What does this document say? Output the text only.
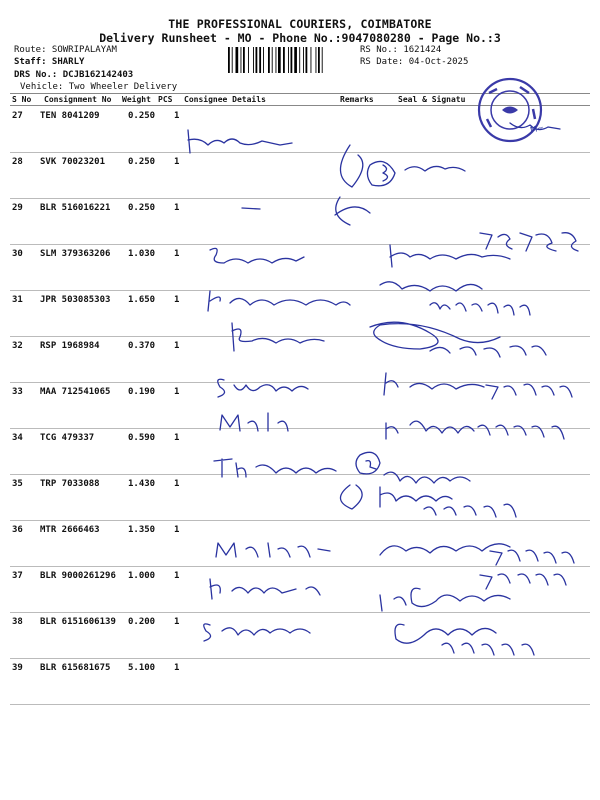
THE PROFESSIONAL COURIERS, COIMBATORE
Delivery Runsheet - MO - Phone No.:9047080280 - Page No.:3
Route: SOWRIPALAYAM
Staff: SHARLY
DRS No.: DCJB162142403
Vehicle: Two Wheeler Delivery
RS No.: 1621424
RS Date: 04-Oct-2025
S No Consignment No Weight PCS Consignee Details	Remarks	Seal & Signatu
27 TEN 8041209	0.250 1
28 SVK 70023201	0.250 1
29 BLR 516016221 0.250 1
30 SLM 379363206 1.030 1
31 JPR 503085303 1.650 1
32 RSP 1968984	0.370 1
33 MAA 712541065 0.190 1
34 TCG 479337	0.590 1
35 TRP 7033088	1.430 1
36 MTR 2666463	1.350 1
37 BLR 9000261296 1.000 1
38 BLR 6151606139 0.200 1
39 BLR 615681675 5.100 1
M~
